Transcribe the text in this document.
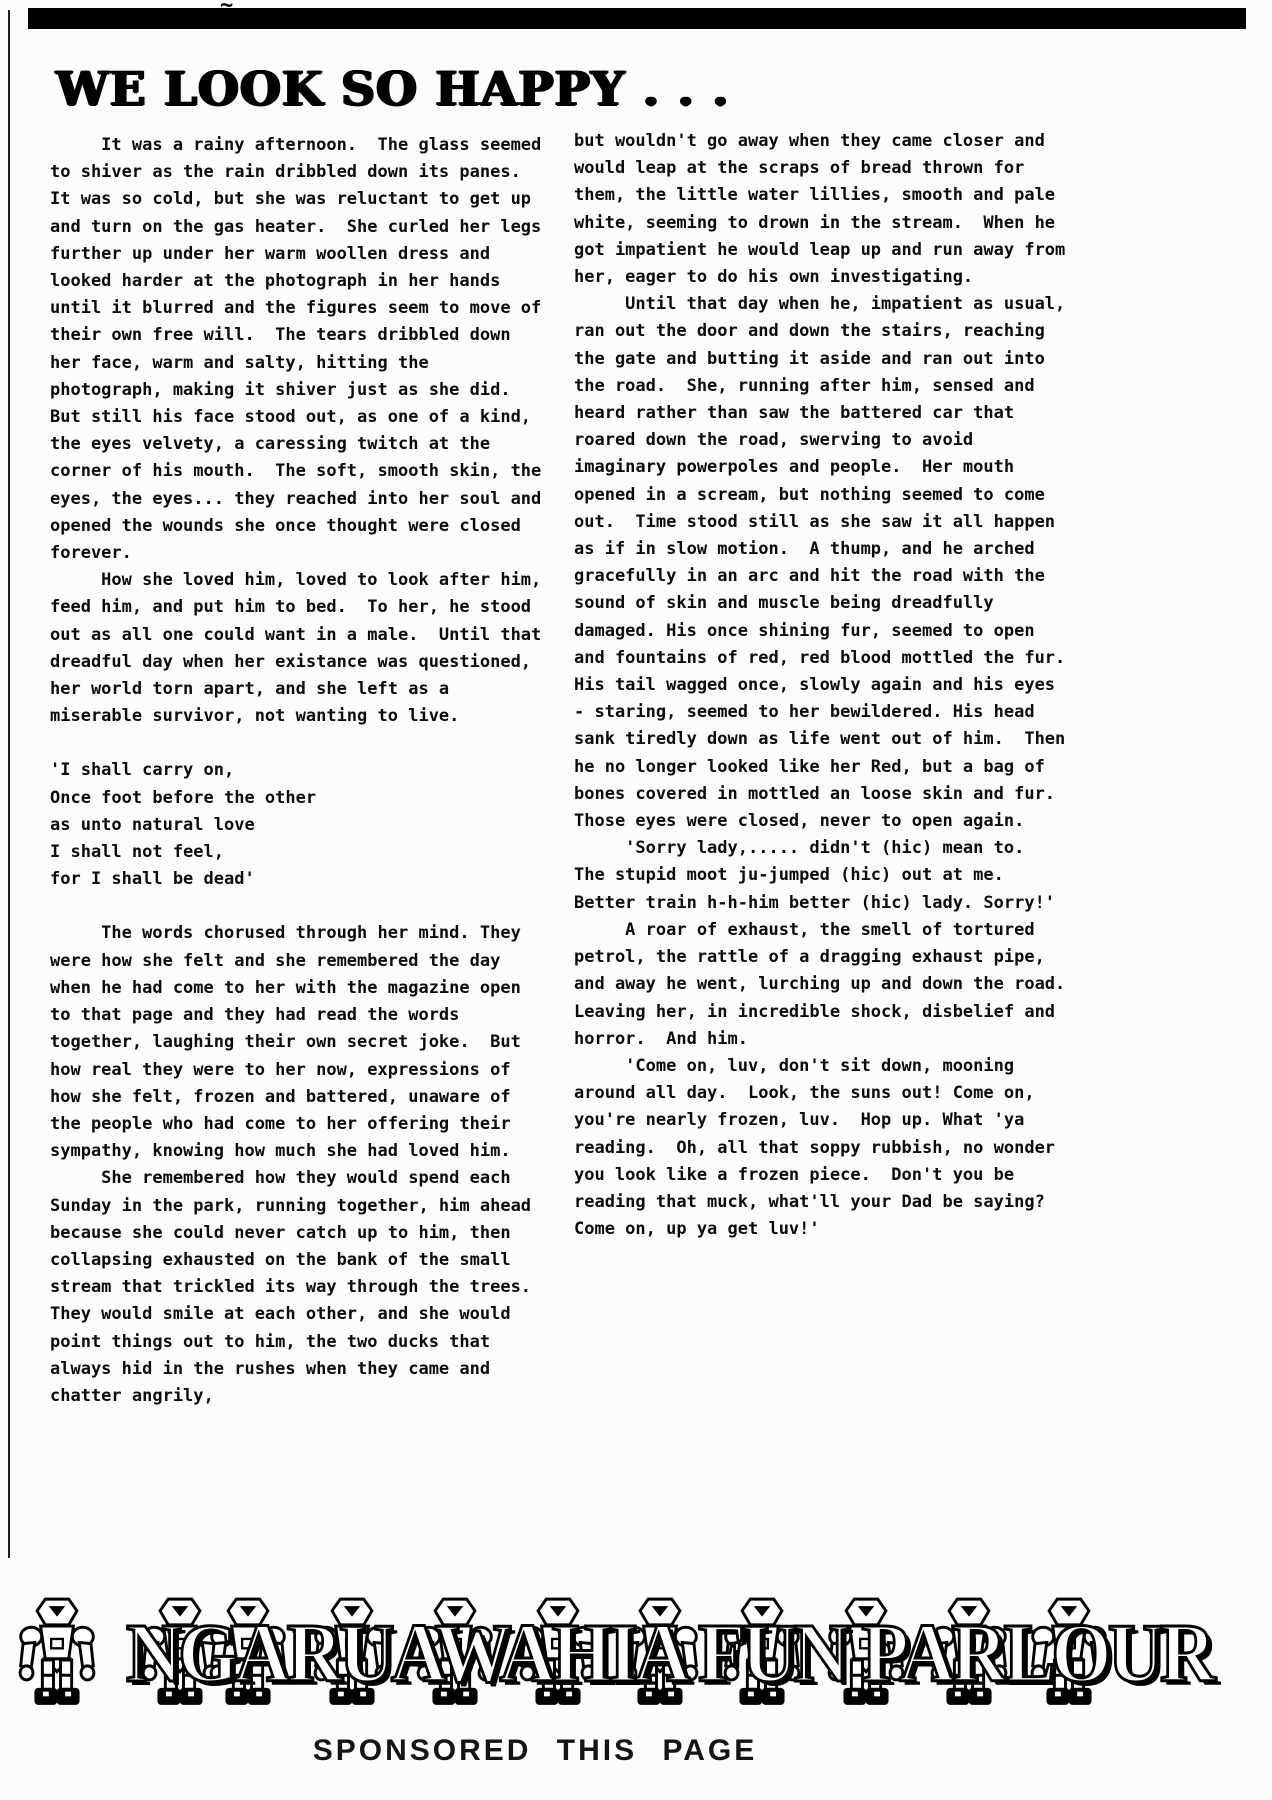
~
WE LOOK SO HAPPY . . .

It was a rainy afternoon.  The glass seemed to shiver as the rain dribbled down its panes.  It was so cold, but she was reluctant to get up and turn on the gas heater.  She curled her legs further up under her warm woollen dress and looked harder at the photograph in her hands until it blurred and the figures seem to move of their own free will.  The tears dribbled down her face, warm and salty, hitting the photograph, making it shiver just as she did.  But still his face stood out, as one of a kind, the eyes velvety, a caressing twitch at the corner of his mouth.  The soft, smooth skin, the eyes, the eyes... they reached into her soul and opened the wounds she once thought were closed forever.

How she loved him, loved to look after him, feed him, and put him to bed.  To her, he stood out as all one could want in a male.  Until that dreadful day when her existance was questioned, her world torn apart, and she left as a miserable survivor, not wanting to live.

'I shall carry on,
Once foot before the other
as unto natural love
I shall not feel,
for I shall be dead'

The words chorused through her mind. They were how she felt and she remembered the day when he had come to her with the magazine open to that page and they had read the words together, laughing their own secret joke.  But how real they were to her now, expressions of how she felt, frozen and battered, unaware of the people who had come to her offering their sympathy, knowing how much she had loved him.

She remembered how they would spend each Sunday in the park, running together, him ahead because she could never catch up to him, then collapsing exhausted on the bank of the small stream that trickled its way through the trees.  They would smile at each other, and she would point things out to him, the two ducks that always hid in the rushes when they came and chatter angrily,

but wouldn't go away when they came closer and would leap at the scraps of bread thrown for them, the little water lillies, smooth and pale white, seeming to drown in the stream.  When he got impatient he would leap up and run away from her, eager to do his own investigating.

Until that day when he, impatient as usual, ran out the door and down the stairs, reaching the gate and butting it aside and ran out into the road.  She, running after him, sensed and heard rather than saw the battered car that roared down the road, swerving to avoid imaginary powerpoles and people.  Her mouth opened in a scream, but nothing seemed to come out.  Time stood still as she saw it all happen as if in slow motion.  A thump, and he arched gracefully in an arc and hit the road with the sound of skin and muscle being dreadfully damaged. His once shining fur, seemed to open and fountains of red, red blood mottled the fur. His tail wagged once, slowly again and his eyes - staring, seemed to her bewildered. His head sank tiredly down as life went out of him.  Then he no longer looked like her Red, but a bag of bones covered in mottled an loose skin and fur.  Those eyes were closed, never to open again.

'Sorry lady,..... didn't (hic) mean to.  The stupid moot ju-jumped (hic) out at me.  Better train h-h-him better (hic) lady. Sorry!'

A roar of exhaust, the smell of tortured petrol, the rattle of a dragging exhaust pipe, and away he went, lurching up and down the road.  Leaving her, in incredible shock, disbelief and horror.  And him.

'Come on, luv, don't sit down, mooning around all day.  Look, the suns out! Come on, you're nearly frozen, luv.  Hop up. What 'ya reading.  Oh, all that soppy rubbish, no wonder you look like a frozen piece.  Don't you be reading that muck, what'll your Dad be saying?  Come on, up ya get luv!'

NGARUAWAHIA FUN PARLOUR

SPONSORED THIS PAGE
